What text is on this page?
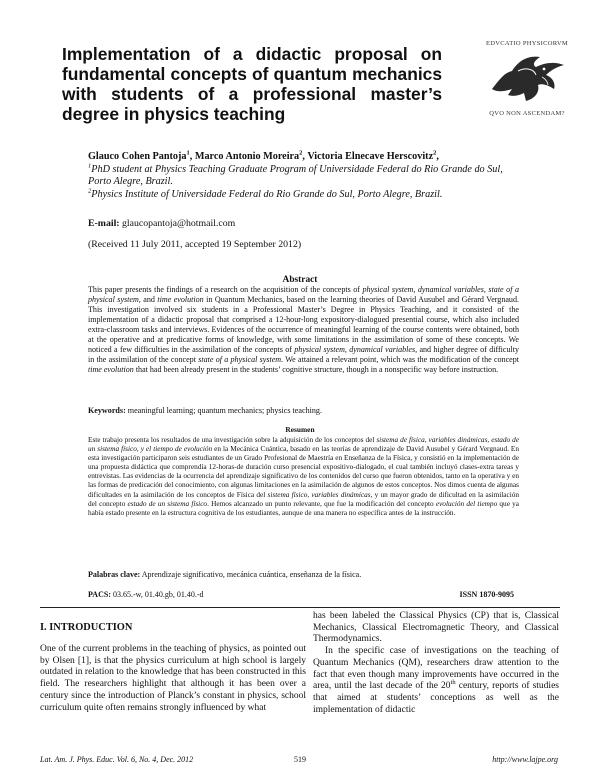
Implementation of a didactic proposal on fundamental concepts of quantum mechanics with students of a professional master’s degree in physics teaching
EDVCATIO PHYSICORVM
QVO NON ASCENDAM?
Glauco Cohen Pantoja$^1$, Marco Antonio Moreira$^2$, Victoria Elnecave Herscovitz$^2$,
$^1$PhD student at Physics Teaching Graduate Program of Universidade Federal do Rio Grande do Sul, Porto Alegre, Brazil.
$^2$Physics Institute of Universidade Federal do Rio Grande do Sul, Porto Alegre, Brazil.
E-mail: glaucopantoja@hotmail.com
(Received 11 July 2011, accepted 19 September 2012)
Abstract
This paper presents the findings of a research on the acquisition of the concepts of physical system, dynamical variables, state of a physical system, and time evolution in Quantum Mechanics, based on the learning theories of David Ausubel and Gérard Vergnaud. This investigation involved six students in a Professional Master’s Degree in Physics Teaching, and it consisted of the implementation of a didactic proposal that comprised a 12-hour-long expository-dialogued presential course, which also included extra-classroom tasks and interviews. Evidences of the occurrence of meaningful learning of the course contents were obtained, both at the operative and at predicative forms of knowledge, with some limitations in the assimilation of some of these concepts. We noticed a few difficulties in the assimilation of the concepts of physical system, dynamical variables, and higher degree of difficulty in the assimilation of the concept state of a physical system. We attained a relevant point, which was the modification of the concept time evolution that had been already present in the students’ cognitive structure, though in a nonspecific way before instruction.
Keywords: meaningful learning; quantum mechanics; physics teaching.
Resumen
Este trabajo presenta los resultados de una investigación sobre la adquisición de los conceptos del sistema de física, variables dinámicas, estado de un sistema físico, y el tiempo de evolución en la Mecánica Cuántica, basado en las teorías de aprendizaje de David Ausubel y Gérard Vergnaud. En esta investigación participaron seis estudiantes de un Grado Profesional de Maestría en Enseñanza de la Física, y consistió en la implementación de una propuesta didáctica que comprendía 12-horas-de duración curso presencial expositivo-dialogado, el cual también incluyó clases-extra tareas y entrevistas. Las evidencias de la ocurrencia del aprendizaje significativo de los contenidos del curso que fueron obtenidos, tanto en la operativa y en las formas de predicación del conocimiento, con algunas limitaciones en la asimilación de algunos de estos conceptos. Nos dimos cuenta de algunas dificultades en la asimilación de los conceptos de Física del sistema físico, variables dinámicas, y un mayor grado de dificultad en la asimilación del concepto estado de un sistema físico. Hemos alcanzado un punto relevante, que fue la modificación del concepto evolución del tiempo que ya había estado presente en la estructura cognitiva de los estudiantes, aunque de una manera no específica antes de la instrucción.
Palabras clave: Aprendizaje significativo, mecánica cuántica, enseñanza de la física.
PACS: 03.65.-w, 01.40.gb, 01.40.-d	ISSN 1870-9095
I. INTRODUCTION
One of the current problems in the teaching of physics, as pointed out by Olsen [1], is that the physics curriculum at high school is largely outdated in relation to the knowledge that has been constructed in this field. The researchers highlight that although it has been over a century since the introduction of Planck’s constant in physics, school curriculum quite often remains strongly influenced by what

has been labeled the Classical Physics (CP) that is, Classical Mechanics, Classical Electromagnetic Theory, and Classical Thermodynamics.

In the specific case of investigations on the teaching of Quantum Mechanics (QM), researchers draw attention to the fact that even though many improvements have occurred in the area, until the last decade of the 20th century, reports of studies that aimed at students’ conceptions as well as the implementation of didactic

Lat. Am. J. Phys. Educ. Vol. 6, No. 4, Dec. 2012	519	http://www.lajpe.org
